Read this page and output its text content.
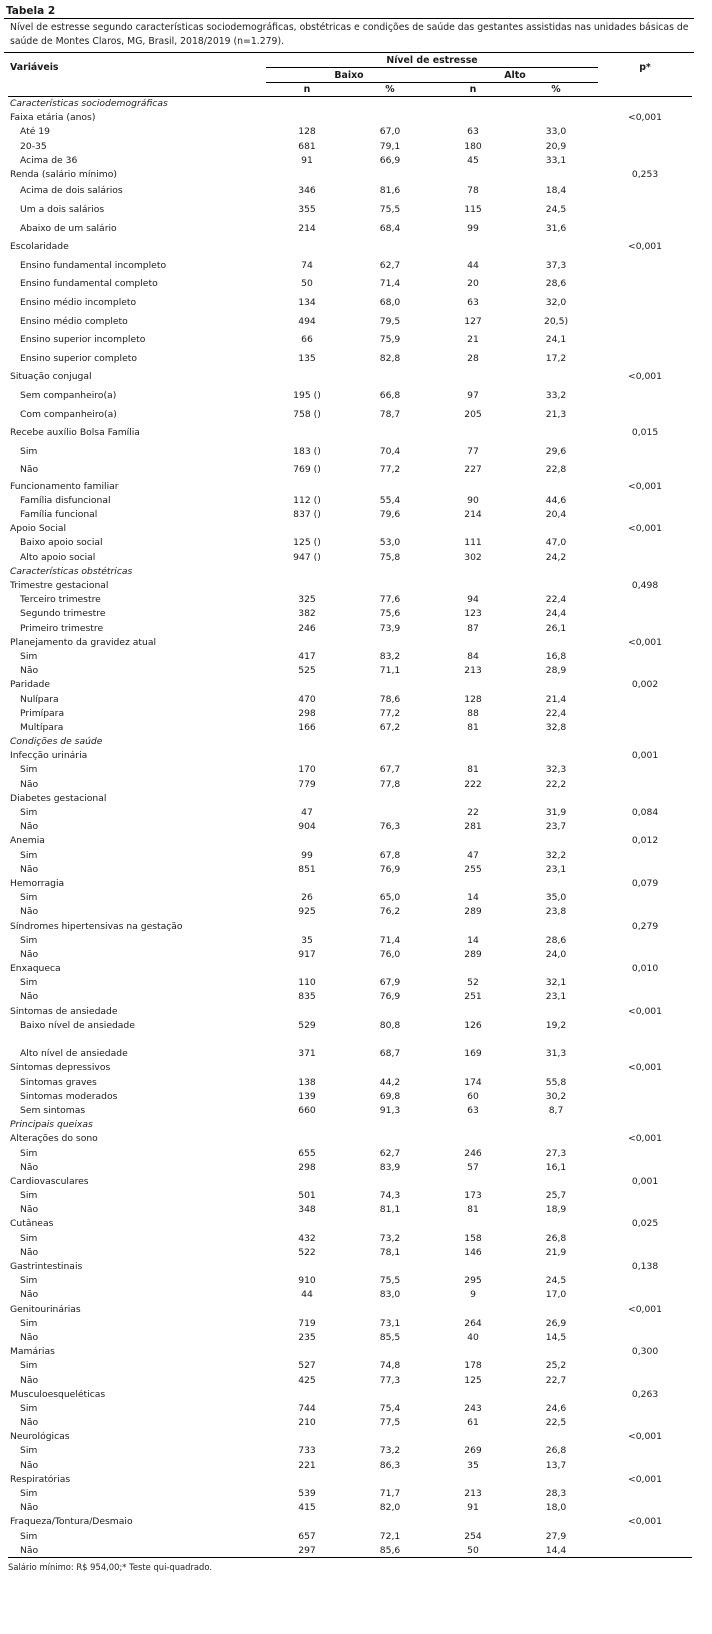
Tabela 2
Nível de estresse segundo características sociodemográficas, obstétricas e condições de saúde das gestantes assistidas nas unidades básicas de saúde de Montes Claros, MG, Brasil, 2018/2019 (n=1.279).
Variáveis	Nível de estresse				p*
	Baixo		Alto		
	n	%	n	%	
Características sociodemográficas					
Faixa etária (anos)					<0,001
Até 19	128	67,0	63	33,0	
20-35	681	79,1	180	20,9	
Acima de 36	91	66,9	45	33,1	
Renda (salário mínimo)					0,253
Acima de dois salários	346	81,6	78	18,4	
Um a dois salários	355	75,5	115	24,5	
Abaixo de um salário	214	68,4	99	31,6	
Escolaridade					<0,001
Ensino fundamental incompleto	74	62,7	44	37,3	
Ensino fundamental completo	50	71,4	20	28,6	
Ensino médio incompleto	134	68,0	63	32,0	
Ensino médio completo	494	79,5	127	20,5)	
Ensino superior incompleto	66	75,9	21	24,1	
Ensino superior completo	135	82,8	28	17,2	
Situação conjugal					<0,001
Sem companheiro(a)	195 ()	66,8	97	33,2	
Com companheiro(a)	758 ()	78,7	205	21,3	
Recebe auxílio Bolsa Família					0,015
Sim	183 ()	70,4	77	29,6	
Não	769 ()	77,2	227	22,8	
Funcionamento familiar					<0,001
Família disfuncional	112 ()	55,4	90	44,6	
Família funcional	837 ()	79,6	214	20,4	
Apoio Social					<0,001
Baixo apoio social	125 ()	53,0	111	47,0	
Alto apoio social	947 ()	75,8	302	24,2	
Características obstétricas					
Trimestre gestacional					0,498
Terceiro trimestre	325	77,6	94	22,4	
Segundo trimestre	382	75,6	123	24,4	
Primeiro trimestre	246	73,9	87	26,1	
Planejamento da gravidez atual					<0,001
Sim	417	83,2	84	16,8	
Não	525	71,1	213	28,9	
Paridade					0,002
Nulípara	470	78,6	128	21,4	
Primípara	298	77,2	88	22,4	
Multípara	166	67,2	81	32,8	
Condições de saúde					
Infecção urinária					0,001
Sim	170	67,7	81	32,3	
Não	779	77,8	222	22,2	
Diabetes gestacional					
Sim	47		22	31,9	0,084
Não	904	76,3	281	23,7	
Anemia					0,012
Sim	99	67,8	47	32,2	
Não	851	76,9	255	23,1	
Hemorragia					0,079
Sim	26	65,0	14	35,0	
Não	925	76,2	289	23,8	
Síndromes hipertensivas na gestação					0,279
Sim	35	71,4	14	28,6	
Não	917	76,0	289	24,0	
Enxaqueca					0,010
Sim	110	67,9	52	32,1	
Não	835	76,9	251	23,1	
Sintomas de ansiedade					<0,001
Baixo nível de ansiedade	529	80,8	126	19,2	

Alto nível de ansiedade	371	68,7	169	31,3	
Sintomas depressivos					<0,001
Sintomas graves	138	44,2	174	55,8	
Sintomas moderados	139	69,8	60	30,2	
Sem sintomas	660	91,3	63	8,7	
Principais queixas					
Alterações do sono					<0,001
Sim	655	62,7	246	27,3	
Não	298	83,9	57	16,1	
Cardiovasculares					0,001
Sim	501	74,3	173	25,7	
Não	348	81,1	81	18,9	
Cutâneas					0,025
Sim	432	73,2	158	26,8	
Não	522	78,1	146	21,9	
Gastrintestinais					0,138
Sim	910	75,5	295	24,5	
Não	44	83,0	9	17,0	
Genitourinárias					<0,001
Sim	719	73,1	264	26,9	
Não	235	85,5	40	14,5	
Mamárias					0,300
Sim	527	74,8	178	25,2	
Não	425	77,3	125	22,7	
Musculoesqueléticas					0,263
Sim	744	75,4	243	24,6	
Não	210	77,5	61	22,5	
Neurológicas					<0,001
Sim	733	73,2	269	26,8	
Não	221	86,3	35	13,7	
Respiratórias					<0,001
Sim	539	71,7	213	28,3	
Não	415	82,0	91	18,0	
Fraqueza/Tontura/Desmaio					<0,001
Sim	657	72,1	254	27,9	
Não	297	85,6	50	14,4	
Salário mínimo: R$ 954,00;* Teste qui-quadrado.
